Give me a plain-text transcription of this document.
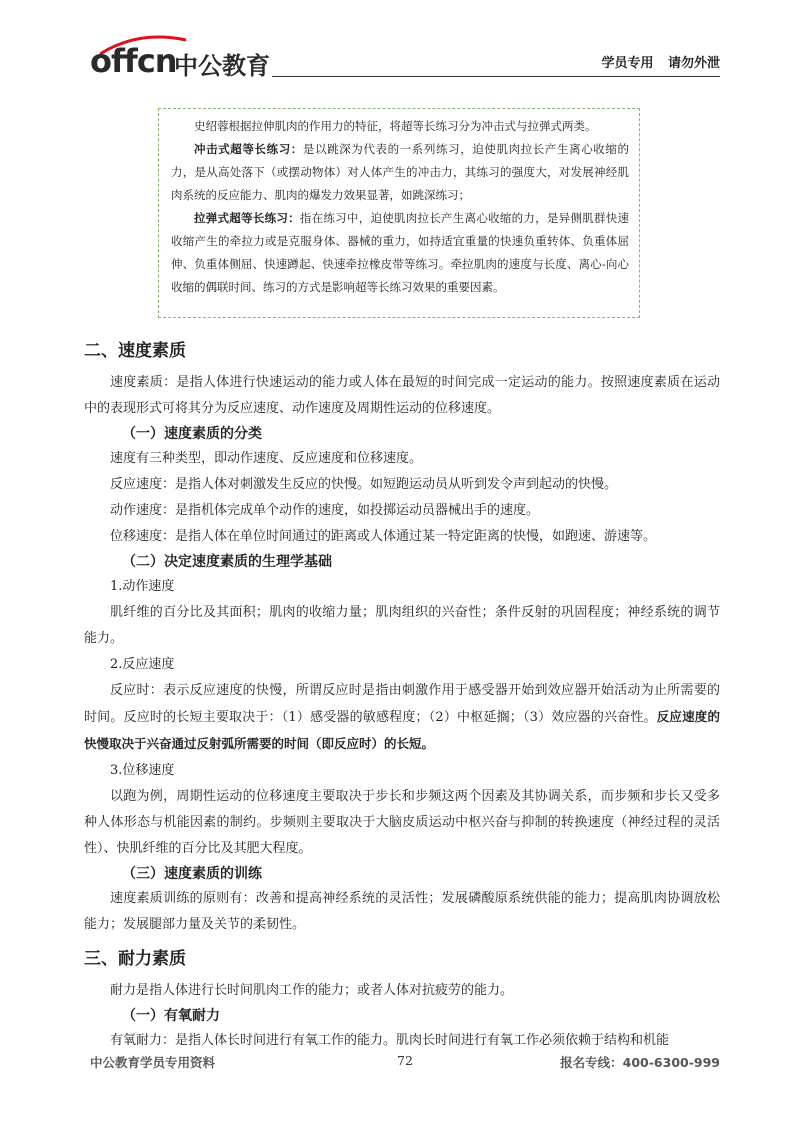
offcn
中公教育	学员专用 请勿外泄

史绍蓉根据拉伸肌肉的作用力的特征，将超等长练习分为冲击式与拉弹式两类。

冲击式超等长练习：是以跳深为代表的一系列练习，迫使肌肉拉长产生离心收缩的力，是从高处落下（或摆动物体）对人体产生的冲击力，其练习的强度大，对发展神经肌肉系统的反应能力、肌肉的爆发力效果显著，如跳深练习；

拉弹式超等长练习：指在练习中，迫使肌肉拉长产生离心收缩的力，是异侧肌群快速收缩产生的牵拉力或是克服身体、器械的重力，如持适宜重量的快速负重转体、负重体屈伸、负重体侧屈、快速蹲起、快速牵拉橡皮带等练习。牵拉肌肉的速度与长度、离心-向心收缩的偶联时间、练习的方式是影响超等长练习效果的重要因素。

二、速度素质

速度素质：是指人体进行快速运动的能力或人体在最短的时间完成一定运动的能力。按照速度素质在运动中的表现形式可将其分为反应速度、动作速度及周期性运动的位移速度。

（一）速度素质的分类

速度有三种类型，即动作速度、反应速度和位移速度。

反应速度：是指人体对刺激发生反应的快慢。如短跑运动员从听到发令声到起动的快慢。

动作速度：是指机体完成单个动作的速度，如投掷运动员器械出手的速度。

位移速度：是指人体在单位时间通过的距离或人体通过某一特定距离的快慢，如跑速、游速等。

（二）决定速度素质的生理学基础

1.动作速度

肌纤维的百分比及其面积；肌肉的收缩力量；肌肉组织的兴奋性；条件反射的巩固程度；神经系统的调节能力。

2.反应速度

反应时：表示反应速度的快慢，所谓反应时是指由刺激作用于感受器开始到效应器开始活动为止所需要的时间。反应时的长短主要取决于：（1）感受器的敏感程度；（2）中枢延搁；（3）效应器的兴奋性。反应速度的快慢取决于兴奋通过反射弧所需要的时间（即反应时）的长短。

3.位移速度

以跑为例，周期性运动的位移速度主要取决于步长和步频这两个因素及其协调关系，而步频和步长又受多种人体形态与机能因素的制约。步频则主要取决于大脑皮质运动中枢兴奋与抑制的转换速度（神经过程的灵活性）、快肌纤维的百分比及其肥大程度。

（三）速度素质的训练

速度素质训练的原则有：改善和提高神经系统的灵活性；发展磷酸原系统供能的能力；提高肌肉协调放松能力；发展腿部力量及关节的柔韧性。

三、耐力素质

耐力是指人体进行长时间肌肉工作的能力；或者人体对抗疲劳的能力。

（一）有氧耐力

有氧耐力：是指人体长时间进行有氧工作的能力。肌肉长时间进行有氧工作必须依赖于结构和机能

中公教育学员专用资料	72	报名专线：400-6300-999
